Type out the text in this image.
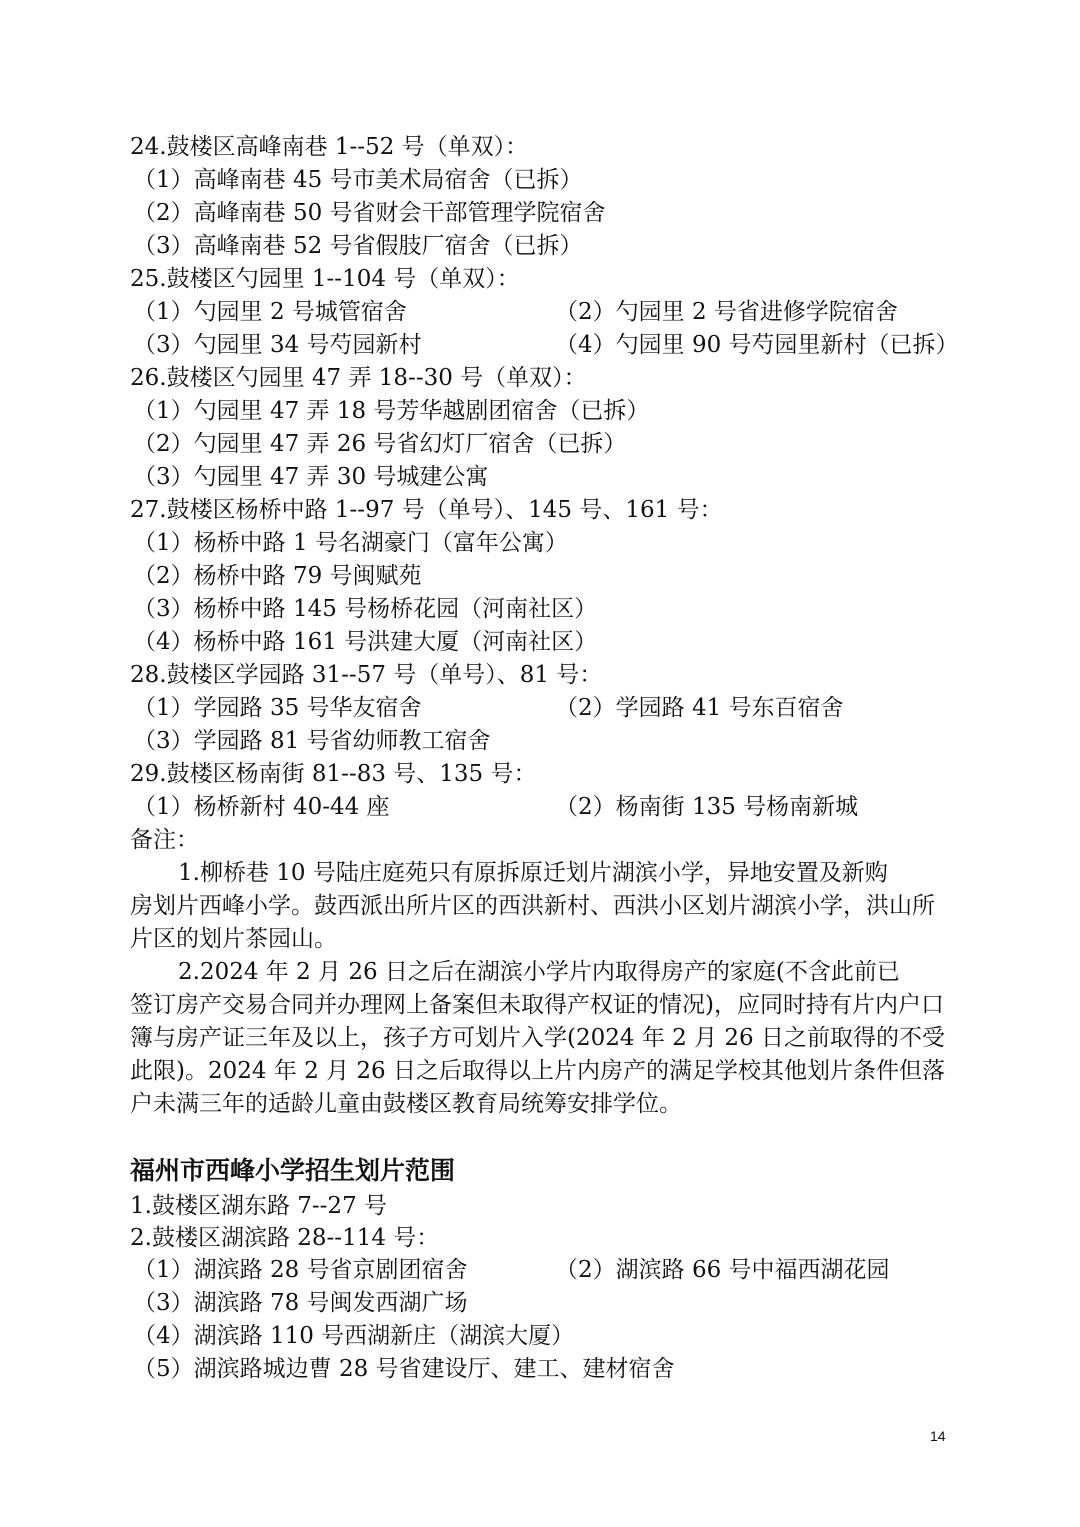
24.鼓楼区高峰南巷 1--52 号（单双）：
（1）高峰南巷 45 号市美术局宿舍（已拆）
（2）高峰南巷 50 号省财会干部管理学院宿舍
（3）高峰南巷 52 号省假肢厂宿舍（已拆）
25.鼓楼区勺园里 1--104 号（单双）：
（1）勺园里 2 号城管宿舍	（2）勺园里 2 号省进修学院宿舍
（3）勺园里 34 号芍园新村	（4）勺园里 90 号芍园里新村（已拆）
26.鼓楼区勺园里 47 弄 18--30 号（单双）：
（1）勺园里 47 弄 18 号芳华越剧团宿舍（已拆）
（2）勺园里 47 弄 26 号省幻灯厂宿舍（已拆）
（3）勺园里 47 弄 30 号城建公寓
27.鼓楼区杨桥中路 1--97 号（单号）、145 号、161 号：
（1）杨桥中路 1 号名湖豪门（富年公寓）
（2）杨桥中路 79 号闽赋苑
（3）杨桥中路 145 号杨桥花园（河南社区）
（4）杨桥中路 161 号洪建大厦（河南社区）
28.鼓楼区学园路 31--57 号（单号）、81 号：
（1）学园路 35 号华友宿舍	（2）学园路 41 号东百宿舍
（3）学园路 81 号省幼师教工宿舍
29.鼓楼区杨南街 81--83 号、135 号：
（1）杨桥新村 40-44 座	（2）杨南街 135 号杨南新城
备注：
1.柳桥巷 10 号陆庄庭苑只有原拆原迁划片湖滨小学，异地安置及新购
房划片西峰小学。鼓西派出所片区的西洪新村、西洪小区划片湖滨小学，洪山所片区的划片茶园山。
2.2024 年 2 月 26 日之后在湖滨小学片内取得房产的家庭(不含此前已
签订房产交易合同并办理网上备案但未取得产权证的情况)，应同时持有片内户口簿与房产证三年及以上，孩子方可划片入学(2024 年 2 月 26 日之前取得的不受此限)。2024 年 2 月 26 日之后取得以上片内房产的满足学校其他划片条件但落户未满三年的适龄儿童由鼓楼区教育局统筹安排学位。
福州市西峰小学招生划片范围
1.鼓楼区湖东路 7--27 号
2.鼓楼区湖滨路 28--114 号：
（1）湖滨路 28 号省京剧团宿舍	（2）湖滨路 66 号中福西湖花园
（3）湖滨路 78 号闽发西湖广场
（4）湖滨路 110 号西湖新庄（湖滨大厦）
（5）湖滨路城边曹 28 号省建设厅、建工、建材宿舍
14
